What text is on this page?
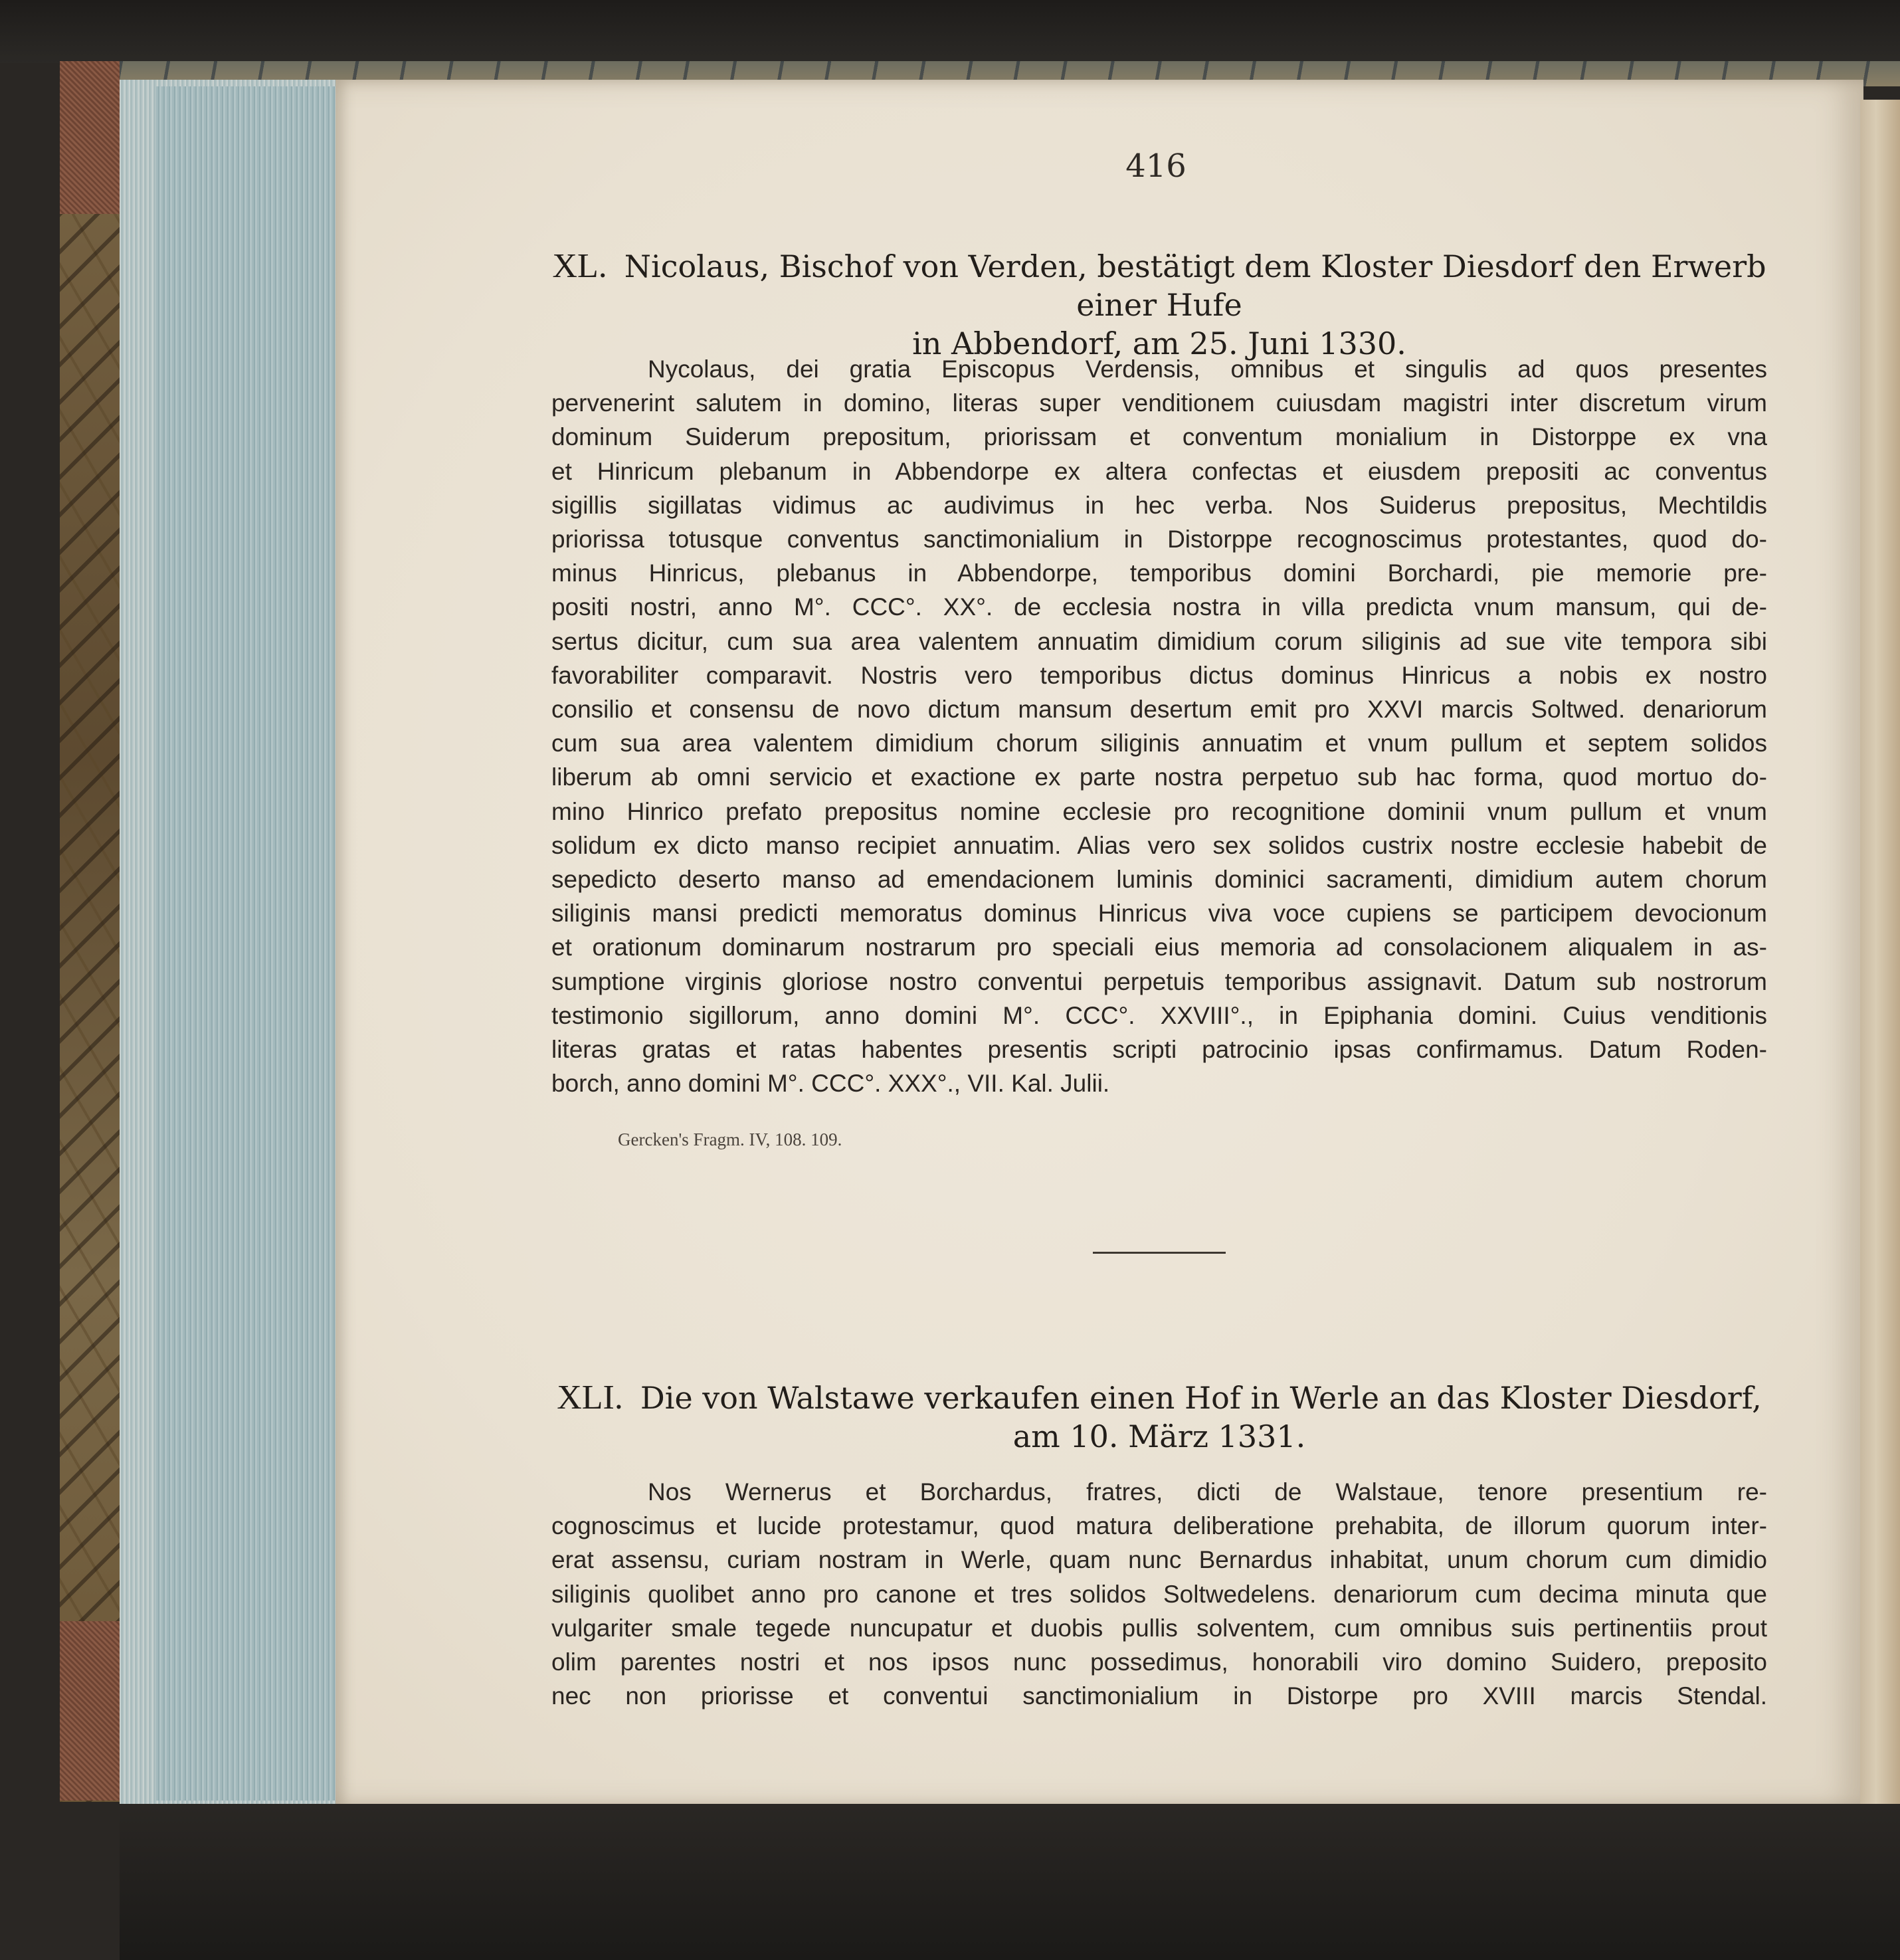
416
XL. Nicolaus, Bischof von Verden, bestätigt dem Kloster Diesdorf den Erwerb einer Hufe
in Abbendorf, am 25. Juni 1330.
Nycolaus, dei gratia Episcopus Verdensis, omnibus et singulis ad quos presentes
pervenerint salutem in domino, literas super venditionem cuiusdam magistri inter discretum virum
dominum Suiderum prepositum, priorissam et conventum monialium in Distorppe ex vna
et Hinricum plebanum in Abbendorpe ex altera confectas et eiusdem prepositi ac conventus
sigillis sigillatas vidimus ac audivimus in hec verba. Nos Suiderus prepositus, Mechtildis
priorissa totusque conventus sanctimonialium in Distorppe recognoscimus protestantes, quod do-
minus Hinricus, plebanus in Abbendorpe, temporibus domini Borchardi, pie memorie pre-
positi nostri, anno M°. CCC°. XX°. de ecclesia nostra in villa predicta vnum mansum, qui de-
sertus dicitur, cum sua area valentem annuatim dimidium corum siliginis ad sue vite tempora sibi
favorabiliter comparavit. Nostris vero temporibus dictus dominus Hinricus a nobis ex nostro
consilio et consensu de novo dictum mansum desertum emit pro XXVI marcis Soltwed. denariorum
cum sua area valentem dimidium chorum siliginis annuatim et vnum pullum et septem solidos
liberum ab omni servicio et exactione ex parte nostra perpetuo sub hac forma, quod mortuo do-
mino Hinrico prefato prepositus nomine ecclesie pro recognitione dominii vnum pullum et vnum
solidum ex dicto manso recipiet annuatim. Alias vero sex solidos custrix nostre ecclesie habebit de
sepedicto deserto manso ad emendacionem luminis dominici sacramenti, dimidium autem chorum
siliginis mansi predicti memoratus dominus Hinricus viva voce cupiens se participem devocionum
et orationum dominarum nostrarum pro speciali eius memoria ad consolacionem aliqualem in as-
sumptione virginis gloriose nostro conventui perpetuis temporibus assignavit. Datum sub nostrorum
testimonio sigillorum, anno domini M°. CCC°. XXVIII°., in Epiphania domini. Cuius venditionis
literas gratas et ratas habentes presentis scripti patrocinio ipsas confirmamus. Datum Roden-
borch, anno domini M°. CCC°. XXX°., VII. Kal. Julii.
Gercken's Fragm. IV, 108. 109.
XLI. Die von Walstawe verkaufen einen Hof in Werle an das Kloster Diesdorf,
am 10. März 1331.
Nos Wernerus et Borchardus, fratres, dicti de Walstaue, tenore presentium re-
cognoscimus et lucide protestamur, quod matura deliberatione prehabita, de illorum quorum inter-
erat assensu, curiam nostram in Werle, quam nunc Bernardus inhabitat, unum chorum cum dimidio
siliginis quolibet anno pro canone et tres solidos Soltwedelens. denariorum cum decima minuta que
vulgariter smale tegede nuncupatur et duobis pullis solventem, cum omnibus suis pertinentiis prout
olim parentes nostri et nos ipsos nunc possedimus, honorabili viro domino Suidero, preposito
nec non priorisse et conventui sanctimonialium in Distorpe pro XVIII marcis Stendal.
